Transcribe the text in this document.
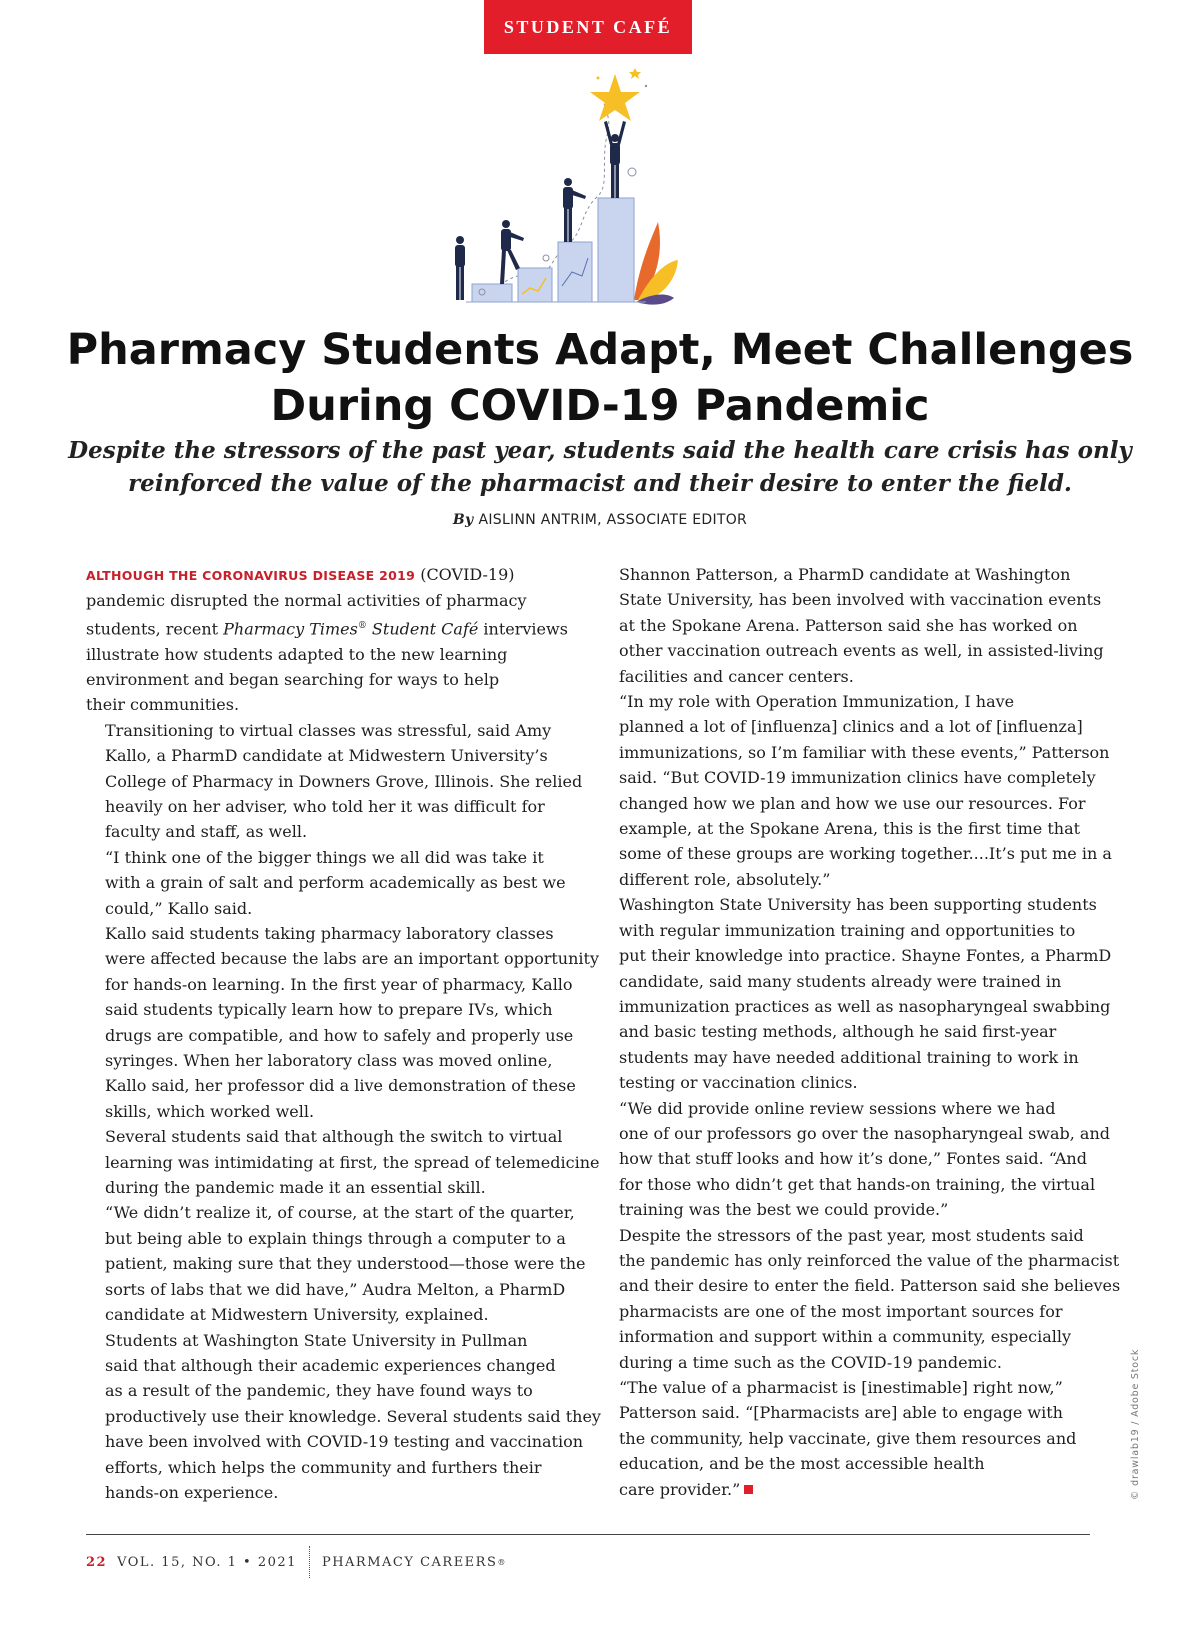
STUDENT CAFÉ
Pharmacy Students Adapt, Meet Challenges
During COVID-19 Pandemic

Despite the stressors of the past year, students said the health care crisis has only
reinforced the value of the pharmacist and their desire to enter the field.

By AISLINN ANTRIM, ASSOCIATE EDITOR

ALTHOUGH THE CORONAVIRUS DISEASE 2019 (COVID-19)
pandemic disrupted the normal activities of pharmacy
students, recent Pharmacy Times® Student Café interviews
illustrate how students adapted to the new learning
environment and began searching for ways to help
their communities.

Transitioning to virtual classes was stressful, said Amy
Kallo, a PharmD candidate at Midwestern University’s
College of Pharmacy in Downers Grove, Illinois. She relied
heavily on her adviser, who told her it was difficult for
faculty and staff, as well.

“I think one of the bigger things we all did was take it
with a grain of salt and perform academically as best we
could,” Kallo said.

Kallo said students taking pharmacy laboratory classes
were affected because the labs are an important opportunity
for hands-on learning. In the first year of pharmacy, Kallo
said students typically learn how to prepare IVs, which
drugs are compatible, and how to safely and properly use
syringes. When her laboratory class was moved online,
Kallo said, her professor did a live demonstration of these
skills, which worked well.

Several students said that although the switch to virtual
learning was intimidating at first, the spread of telemedicine
during the pandemic made it an essential skill.

“We didn’t realize it, of course, at the start of the quarter,
but being able to explain things through a computer to a
patient, making sure that they understood—those were the
sorts of labs that we did have,” Audra Melton, a PharmD
candidate at Midwestern University, explained.

Students at Washington State University in Pullman
said that although their academic experiences changed
as a result of the pandemic, they have found ways to
productively use their knowledge. Several students said they
have been involved with COVID-19 testing and vaccination
efforts, which helps the community and furthers their
hands-on experience.

Shannon Patterson, a PharmD candidate at Washington
State University, has been involved with vaccination events
at the Spokane Arena. Patterson said she has worked on
other vaccination outreach events as well, in assisted-living
facilities and cancer centers.

“In my role with Operation Immunization, I have
planned a lot of [influenza] clinics and a lot of [influenza]
immunizations, so I’m familiar with these events,” Patterson
said. “But COVID-19 immunization clinics have completely
changed how we plan and how we use our resources. For
example, at the Spokane Arena, this is the first time that
some of these groups are working together....It’s put me in a
different role, absolutely.”

Washington State University has been supporting students
with regular immunization training and opportunities to
put their knowledge into practice. Shayne Fontes, a PharmD
candidate, said many students already were trained in
immunization practices as well as nasopharyngeal swabbing
and basic testing methods, although he said first-year
students may have needed additional training to work in
testing or vaccination clinics.

“We did provide online review sessions where we had
one of our professors go over the nasopharyngeal swab, and
how that stuff looks and how it’s done,” Fontes said. “And
for those who didn’t get that hands-on training, the virtual
training was the best we could provide.”

Despite the stressors of the past year, most students said
the pandemic has only reinforced the value of the pharmacist
and their desire to enter the field. Patterson said she believes
pharmacists are one of the most important sources for
information and support within a community, especially
during a time such as the COVID-19 pandemic.

“The value of a pharmacist is [inestimable] right now,”
Patterson said. “[Pharmacists are] able to engage with
the community, help vaccinate, give them resources and
education, and be the most accessible health
care provider.”	© drawlab19 / Adobe Stock
22 VOL. 15, NO. 1 • 2021 PHARMACY CAREERS ®
